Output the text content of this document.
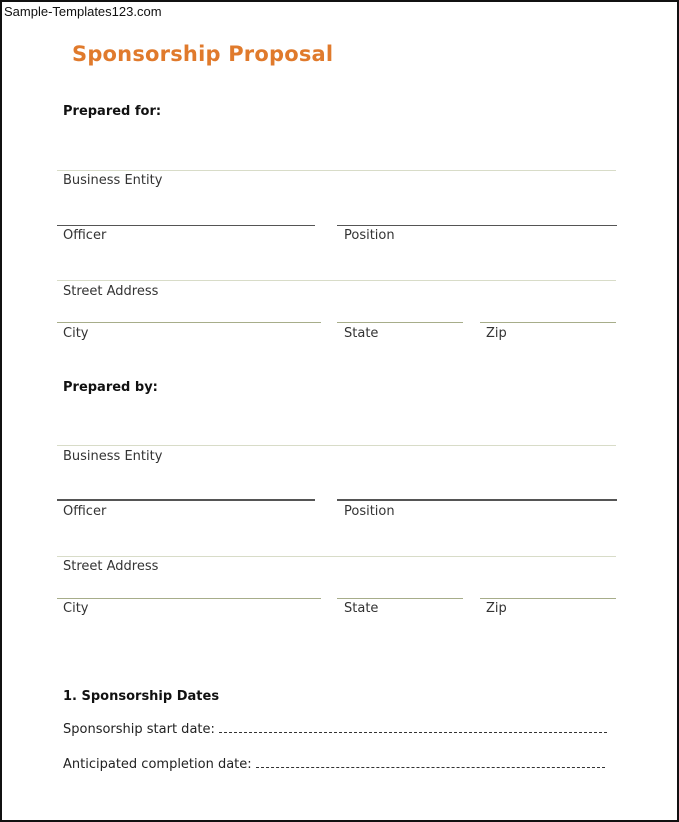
Sample-Templates123.com
Sponsorship Proposal
Prepared for:
Business Entity
Officer	Position
Street Address
City	State	Zip
Prepared by:
Business Entity
Officer	Position
Street Address
City	State	Zip
1. Sponsorship Dates
Sponsorship start date:
Anticipated completion date:
